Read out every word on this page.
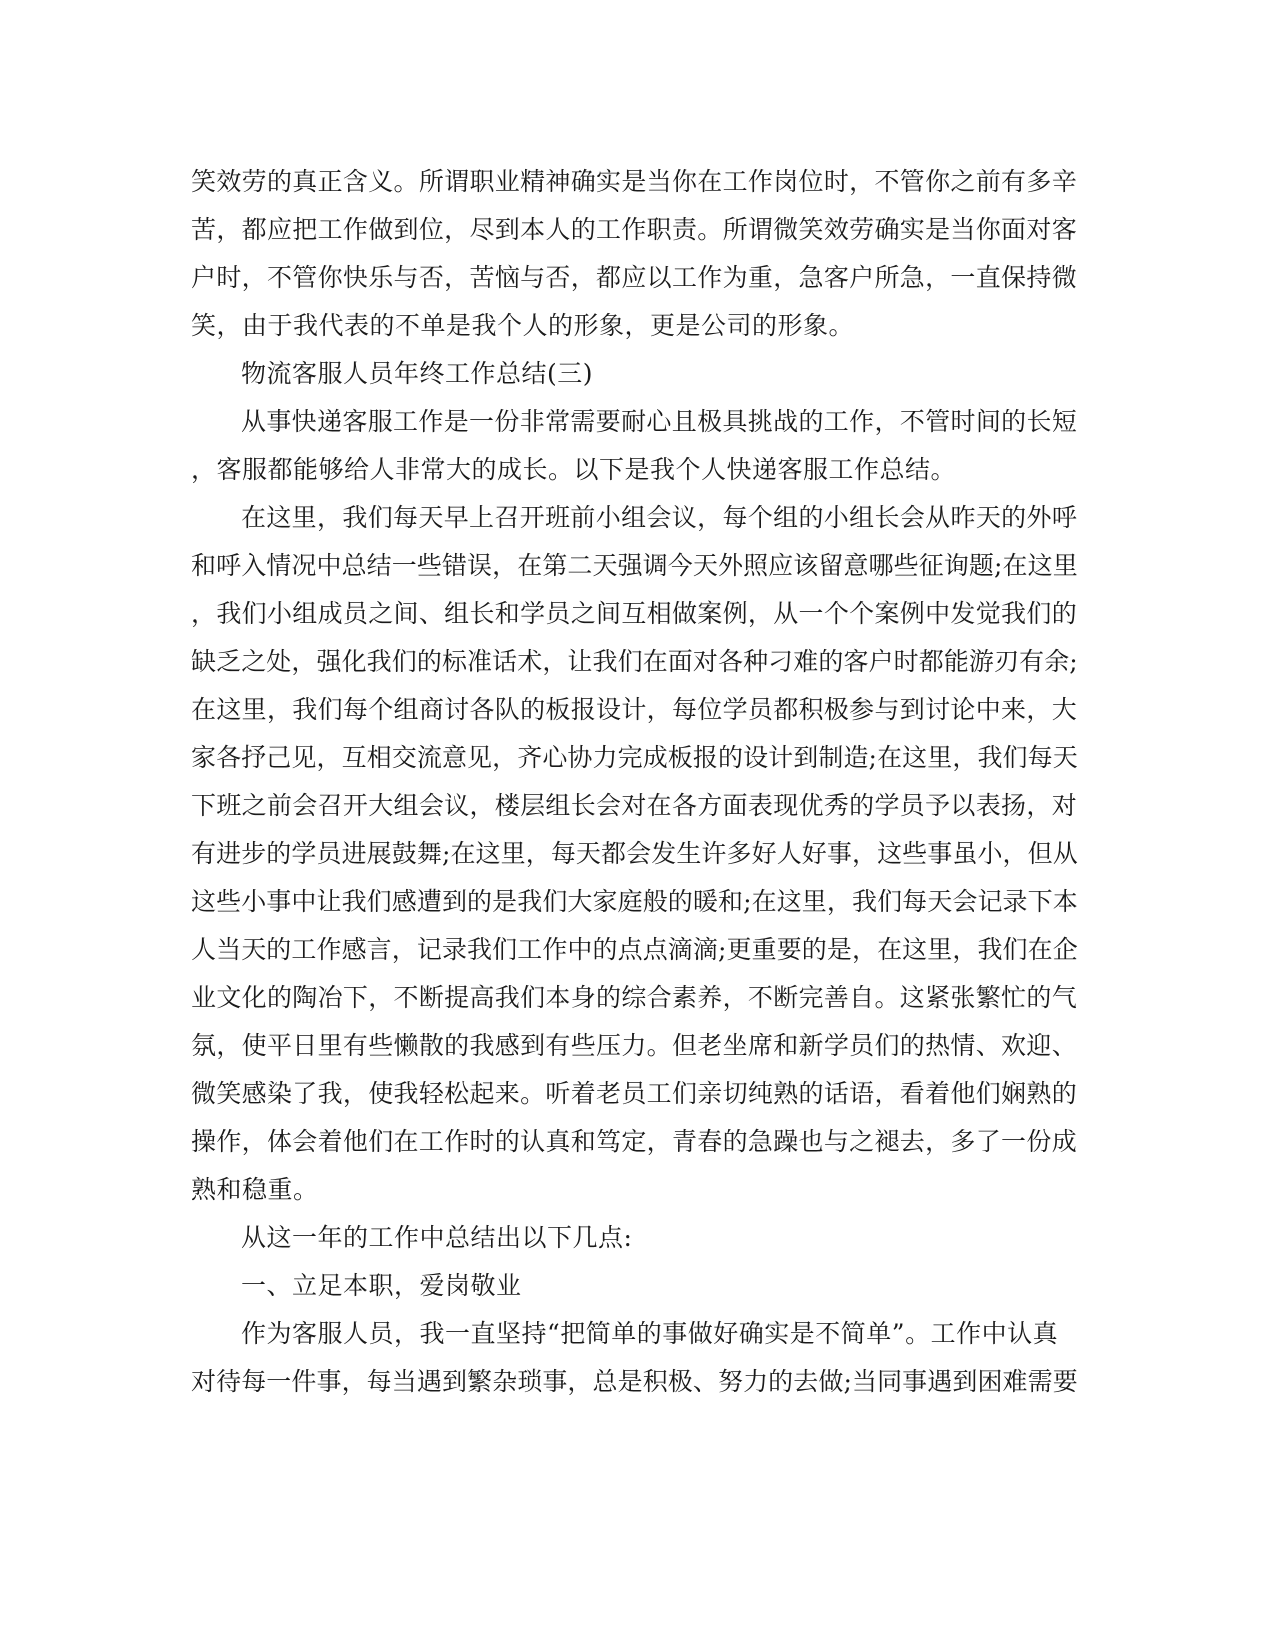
笑效劳的真正含义。所谓职业精神确实是当你在工作岗位时，不管你之前有多辛
苦，都应把工作做到位，尽到本人的工作职责。所谓微笑效劳确实是当你面对客
户时，不管你快乐与否，苦恼与否，都应以工作为重，急客户所急，一直保持微
笑，由于我代表的不单是我个人的形象，更是公司的形象。
物流客服人员年终工作总结(三)
从事快递客服工作是一份非常需要耐心且极具挑战的工作，不管时间的长短
，客服都能够给人非常大的成长。以下是我个人快递客服工作总结。
在这里，我们每天早上召开班前小组会议，每个组的小组长会从昨天的外呼
和呼入情况中总结一些错误，在第二天强调今天外照应该留意哪些征询题;在这里
，我们小组成员之间、组长和学员之间互相做案例，从一个个案例中发觉我们的
缺乏之处，强化我们的标准话术，让我们在面对各种刁难的客户时都能游刃有余;
在这里，我们每个组商讨各队的板报设计，每位学员都积极参与到讨论中来，大
家各抒己见，互相交流意见，齐心协力完成板报的设计到制造;在这里，我们每天
下班之前会召开大组会议，楼层组长会对在各方面表现优秀的学员予以表扬，对
有进步的学员进展鼓舞;在这里，每天都会发生许多好人好事，这些事虽小，但从
这些小事中让我们感遭到的是我们大家庭般的暖和;在这里，我们每天会记录下本
人当天的工作感言，记录我们工作中的点点滴滴;更重要的是，在这里，我们在企
业文化的陶冶下，不断提高我们本身的综合素养，不断完善自。这紧张繁忙的气
氛，使平日里有些懒散的我感到有些压力。但老坐席和新学员们的热情、欢迎、
微笑感染了我，使我轻松起来。听着老员工们亲切纯熟的话语，看着他们娴熟的
操作，体会着他们在工作时的认真和笃定，青春的急躁也与之褪去，多了一份成
熟和稳重。
从这一年的工作中总结出以下几点:
一、立足本职，爱岗敬业
作为客服人员，我一直坚持“把简单的事做好确实是不简单”。工作中认真
对待每一件事，每当遇到繁杂琐事，总是积极、努力的去做;当同事遇到困难需要
